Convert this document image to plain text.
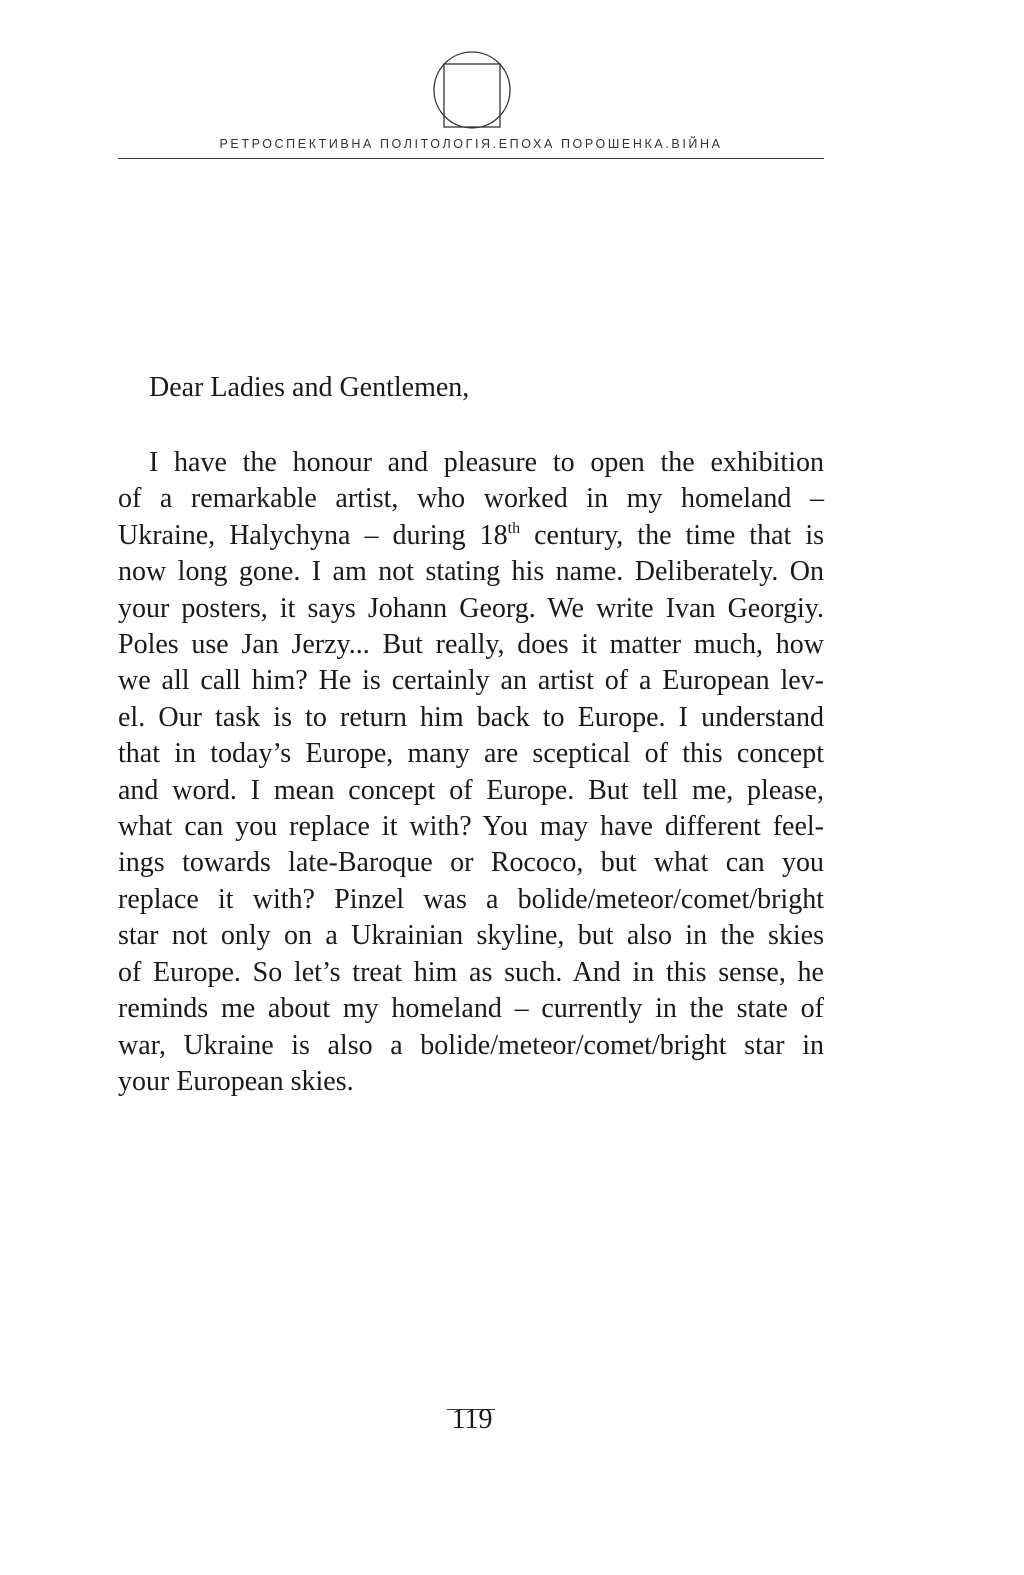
РЕТРОСПЕКТИВНА ПОЛІТОЛОГІЯ.ЕПОХА ПОРОШЕНКА.ВІЙНА

Dear Ladies and Gentlemen,

I have the honour and pleasure to open the exhibition
of a remarkable artist, who worked in my homeland –
Ukraine, Halychyna – during 18th century, the time that is
now long gone. I am not stating his name. Deliberately. On
your posters, it says Johann Georg. We write Ivan Georgiy.
Poles use Jan Jerzy... But really, does it matter much, how
we all call him? He is certainly an artist of a European lev-
el. Our task is to return him back to Europe. I understand
that in today’s Europe, many are sceptical of this concept
and word. I mean concept of Europe. But tell me, please,
what can you replace it with? You may have different feel-
ings towards late-Baroque or Rococo, but what can you
replace it with? Pinzel was a bolide/meteor/comet/bright
star not only on a Ukrainian skyline, but also in the skies
of Europe. So let’s treat him as such. And in this sense, he
reminds me about my homeland – currently in the state of
war, Ukraine is also a bolide/meteor/comet/bright star in
your European skies.
119
